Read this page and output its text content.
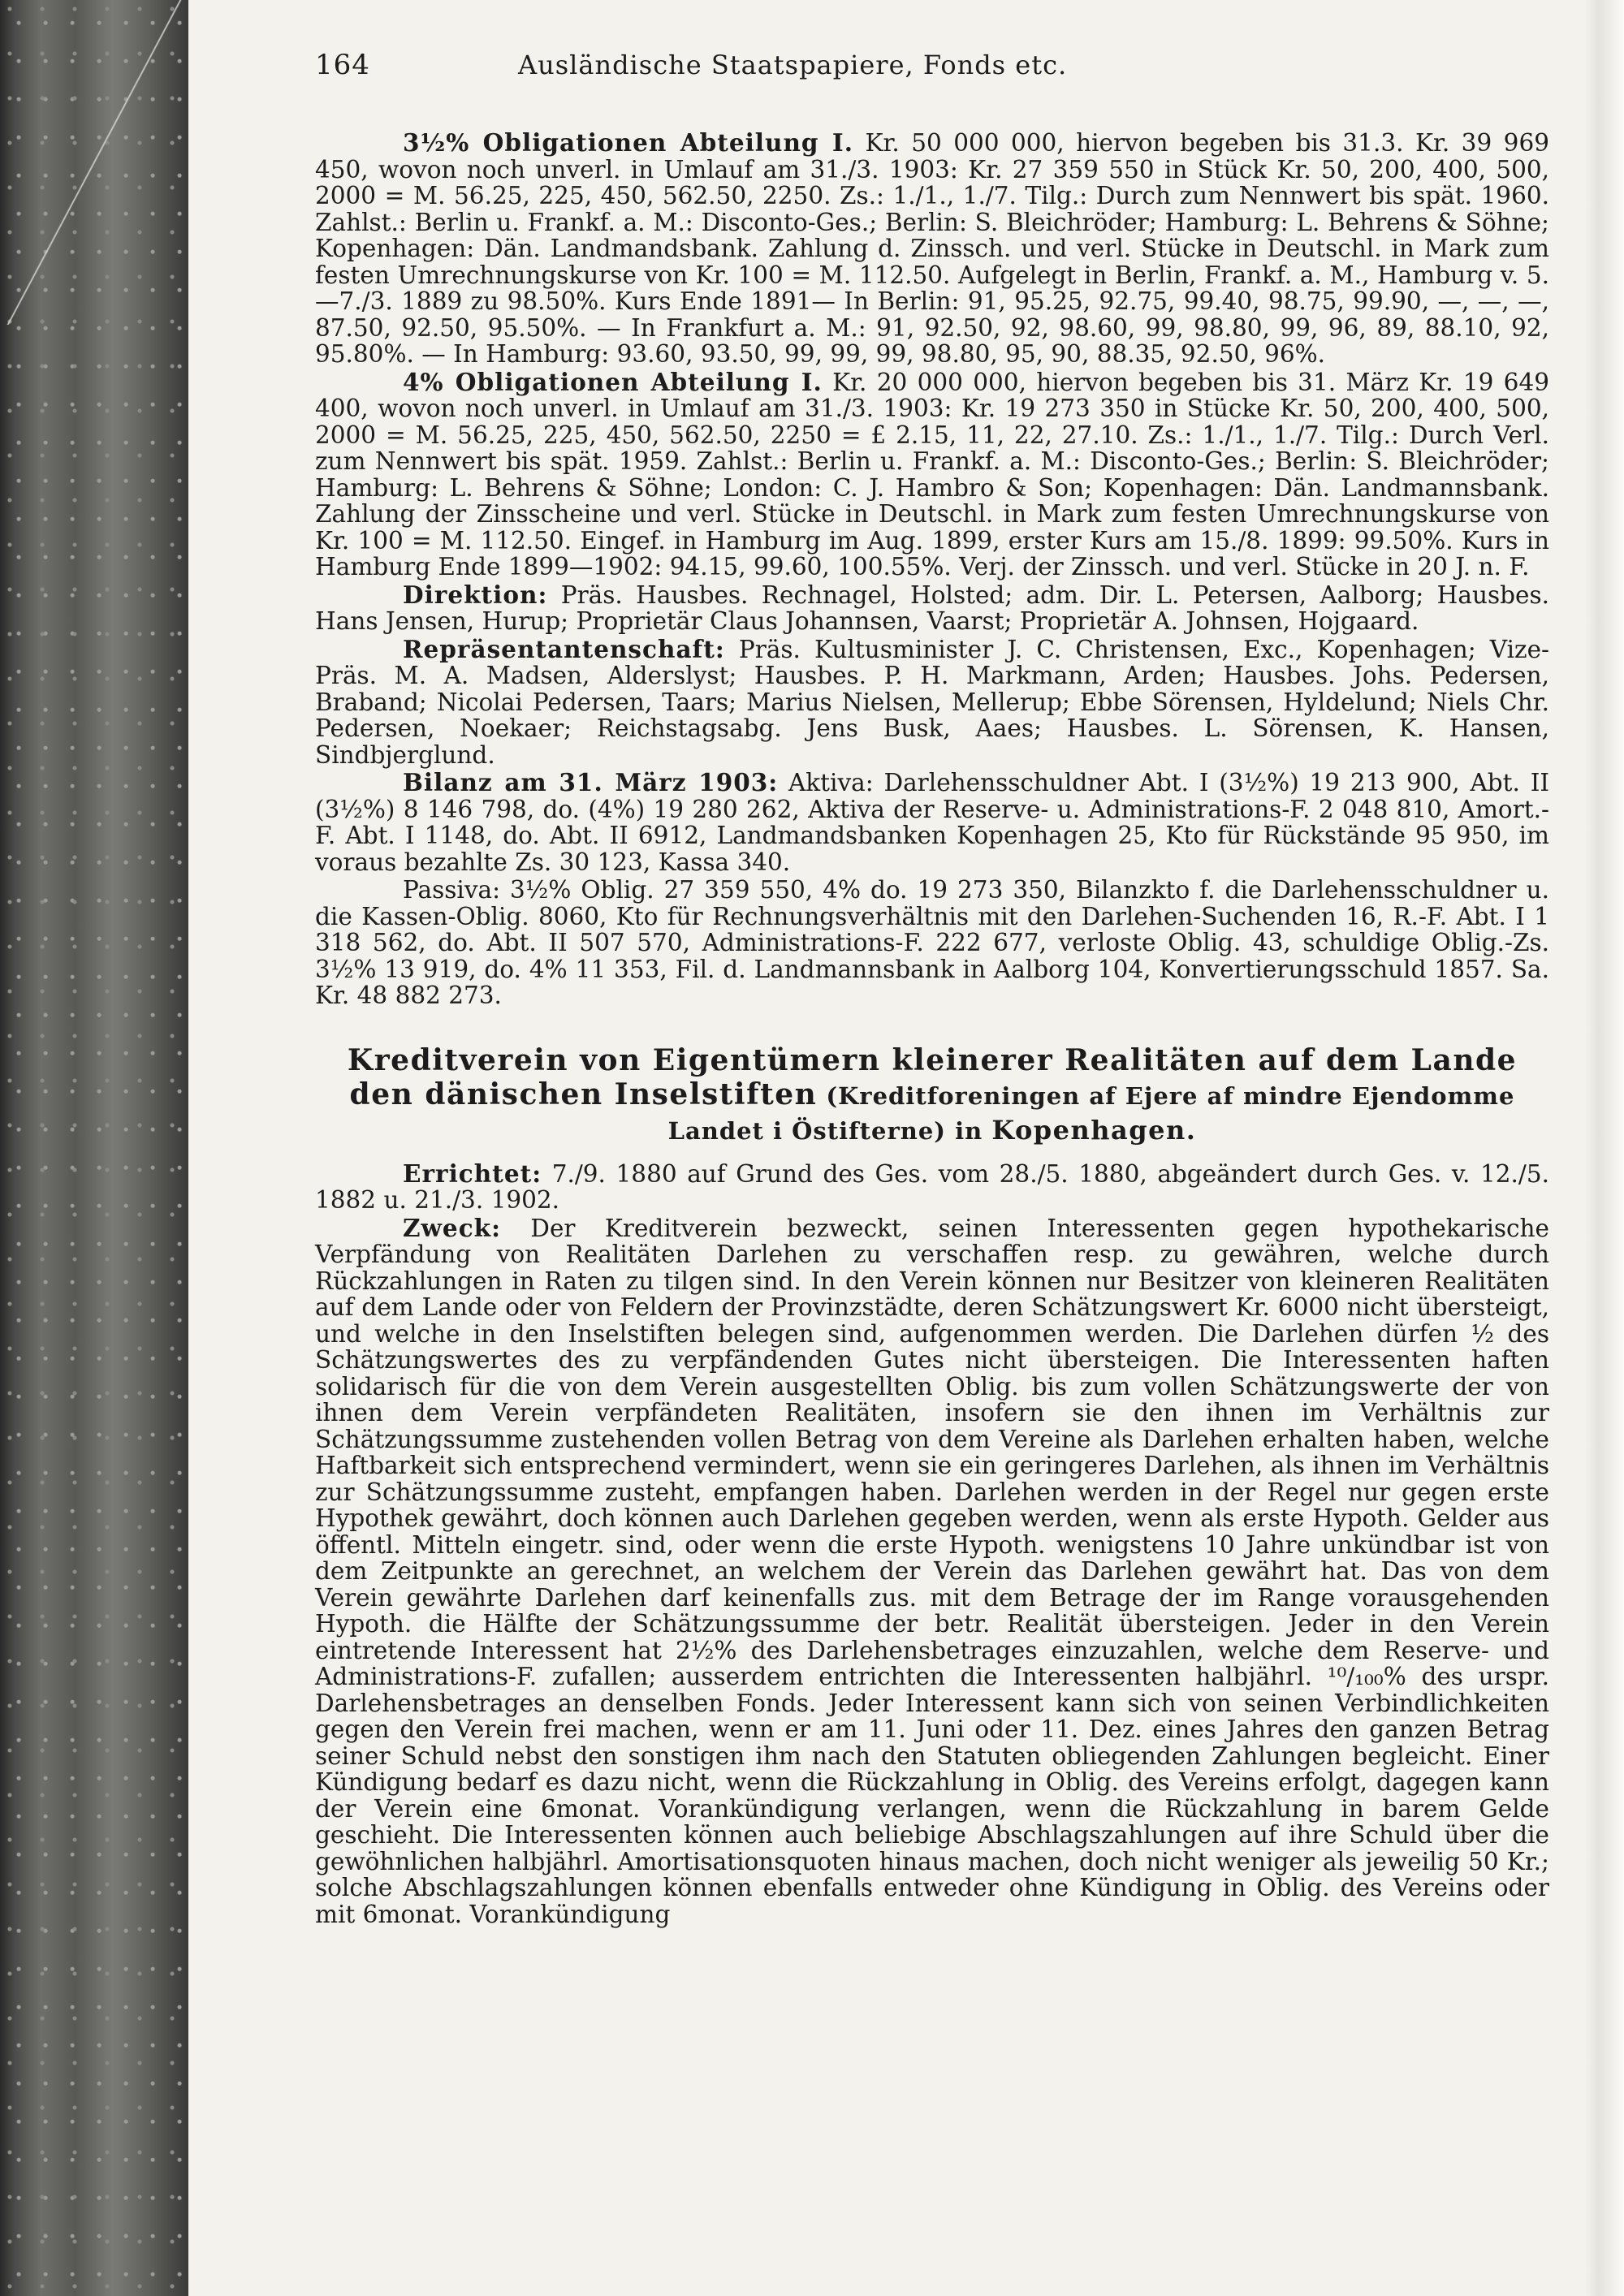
164	Ausländische Staatspapiere, Fonds etc.

3½% Obligationen Abteilung I. Kr. 50 000 000, hiervon begeben bis 31.3. Kr. 39 969 450, wovon noch unverl. in Umlauf am 31./3. 1903: Kr. 27 359 550 in Stück Kr. 50, 200, 400, 500, 2000 = M. 56.25, 225, 450, 562.50, 2250. Zs.: 1./1., 1./7. Tilg.: Durch zum Nennwert bis spät. 1960. Zahlst.: Berlin u. Frankf. a. M.: Disconto-Ges.; Berlin: S. Bleichröder; Hamburg: L. Behrens & Söhne; Kopenhagen: Dän. Landmandsbank. Zahlung d. Zinssch. und verl. Stücke in Deutschl. in Mark zum festen Umrechnungskurse von Kr. 100 = M. 112.50. Aufgelegt in Berlin, Frankf. a. M., Hamburg v. 5.—7./3. 1889 zu 98.50%. Kurs Ende 1891— In Berlin: 91, 95.25, 92.75, 99.40, 98.75, 99.90, —, —, —, 87.50, 92.50, 95.50%. — In Frankfurt a. M.: 91, 92.50, 92, 98.60, 99, 98.80, 99, 96, 89, 88.10, 92, 95.80%. — In Hamburg: 93.60, 93.50, 99, 99, 99, 98.80, 95, 90, 88.35, 92.50, 96%.

4% Obligationen Abteilung I. Kr. 20 000 000, hiervon begeben bis 31. März Kr. 19 649 400, wovon noch unverl. in Umlauf am 31./3. 1903: Kr. 19 273 350 in Stücke Kr. 50, 200, 400, 500, 2000 = M. 56.25, 225, 450, 562.50, 2250 = £ 2.15, 11, 22, 27.10. Zs.: 1./1., 1./7. Tilg.: Durch Verl. zum Nennwert bis spät. 1959. Zahlst.: Berlin u. Frankf. a. M.: Disconto-Ges.; Berlin: S. Bleichröder; Hamburg: L. Behrens & Söhne; London: C. J. Hambro & Son; Kopenhagen: Dän. Landmannsbank. Zahlung der Zinsscheine und verl. Stücke in Deutschl. in Mark zum festen Umrechnungskurse von Kr. 100 = M. 112.50. Eingef. in Hamburg im Aug. 1899, erster Kurs am 15./8. 1899: 99.50%. Kurs in Hamburg Ende 1899—1902: 94.15, 99.60, 100.55%. Verj. der Zinssch. und verl. Stücke in 20 J. n. F.

Direktion: Präs. Hausbes. Rechnagel, Holsted; adm. Dir. L. Petersen, Aalborg; Hausbes. Hans Jensen, Hurup; Proprietär Claus Johannsen, Vaarst; Proprietär A. Johnsen, Hojgaard.

Repräsentantenschaft: Präs. Kultusminister J. C. Christensen, Exc., Kopenhagen; Vize-Präs. M. A. Madsen, Alderslyst; Hausbes. P. H. Markmann, Arden; Hausbes. Johs. Pedersen, Braband; Nicolai Pedersen, Taars; Marius Nielsen, Mellerup; Ebbe Sörensen, Hyldelund; Niels Chr. Pedersen, Noekaer; Reichstagsabg. Jens Busk, Aaes; Hausbes. L. Sörensen, K. Hansen, Sindbjerglund.

Bilanz am 31. März 1903: Aktiva: Darlehensschuldner Abt. I (3½%) 19 213 900, Abt. II (3½%) 8 146 798, do. (4%) 19 280 262, Aktiva der Reserve- u. Administrations-F. 2 048 810, Amort.-F. Abt. I 1148, do. Abt. II 6912, Landmandsbanken Kopenhagen 25, Kto für Rückstände 95 950, im voraus bezahlte Zs. 30 123, Kassa 340.

Passiva: 3½% Oblig. 27 359 550, 4% do. 19 273 350, Bilanzkto f. die Darlehensschuldner u. die Kassen-Oblig. 8060, Kto für Rechnungsverhältnis mit den Darlehen-Suchenden 16, R.-F. Abt. I 1 318 562, do. Abt. II 507 570, Administrations-F. 222 677, verloste Oblig. 43, schuldige Oblig.-Zs. 3½% 13 919, do. 4% 11 353, Fil. d. Landmannsbank in Aalborg 104, Konvertierungsschuld 1857. Sa. Kr. 48 882 273.

Kreditverein von Eigentümern kleinerer Realitäten auf dem Lande

den dänischen Inselstiften (Kreditforeningen af Ejere af mindre Ejendomme

Landet i Östifterne) in Kopenhagen.

Errichtet: 7./9. 1880 auf Grund des Ges. vom 28./5. 1880, abgeändert durch Ges. v. 12./5. 1882 u. 21./3. 1902.

Zweck: Der Kreditverein bezweckt, seinen Interessenten gegen hypothekarische Verpfändung von Realitäten Darlehen zu verschaffen resp. zu gewähren, welche durch Rückzahlungen in Raten zu tilgen sind. In den Verein können nur Besitzer von kleineren Realitäten auf dem Lande oder von Feldern der Provinzstädte, deren Schätzungswert Kr. 6000 nicht übersteigt, und welche in den Inselstiften belegen sind, aufgenommen werden. Die Darlehen dürfen ½ des Schätzungswertes des zu verpfändenden Gutes nicht übersteigen. Die Interessenten haften solidarisch für die von dem Verein ausgestellten Oblig. bis zum vollen Schätzungswerte der von ihnen dem Verein verpfändeten Realitäten, insofern sie den ihnen im Verhältnis zur Schätzungssumme zustehenden vollen Betrag von dem Vereine als Darlehen erhalten haben, welche Haftbarkeit sich entsprechend vermindert, wenn sie ein geringeres Darlehen, als ihnen im Verhältnis zur Schätzungssumme zusteht, empfangen haben. Darlehen werden in der Regel nur gegen erste Hypothek gewährt, doch können auch Darlehen gegeben werden, wenn als erste Hypoth. Gelder aus öffentl. Mitteln eingetr. sind, oder wenn die erste Hypoth. wenigstens 10 Jahre unkündbar ist von dem Zeitpunkte an gerechnet, an welchem der Verein das Darlehen gewährt hat. Das von dem Verein gewährte Darlehen darf keinenfalls zus. mit dem Betrage der im Range vorausgehenden Hypoth. die Hälfte der Schätzungssumme der betr. Realität übersteigen. Jeder in den Verein eintretende Interessent hat 2½% des Darlehensbetrages einzuzahlen, welche dem Reserve- und Administrations-F. zufallen; ausserdem entrichten die Interessenten halbjährl. ¹⁰/₁₀₀% des urspr. Darlehensbetrages an denselben Fonds. Jeder Interessent kann sich von seinen Verbindlichkeiten gegen den Verein frei machen, wenn er am 11. Juni oder 11. Dez. eines Jahres den ganzen Betrag seiner Schuld nebst den sonstigen ihm nach den Statuten obliegenden Zahlungen begleicht. Einer Kündigung bedarf es dazu nicht, wenn die Rückzahlung in Oblig. des Vereins erfolgt, dagegen kann der Verein eine 6monat. Vorankündigung verlangen, wenn die Rückzahlung in barem Gelde geschieht. Die Interessenten können auch beliebige Abschlagszahlungen auf ihre Schuld über die gewöhnlichen halbjährl. Amortisationsquoten hinaus machen, doch nicht weniger als jeweilig 50 Kr.; solche Abschlagszahlungen können ebenfalls entweder ohne Kündigung in Oblig. des Vereins oder mit 6monat. Vorankündigung
